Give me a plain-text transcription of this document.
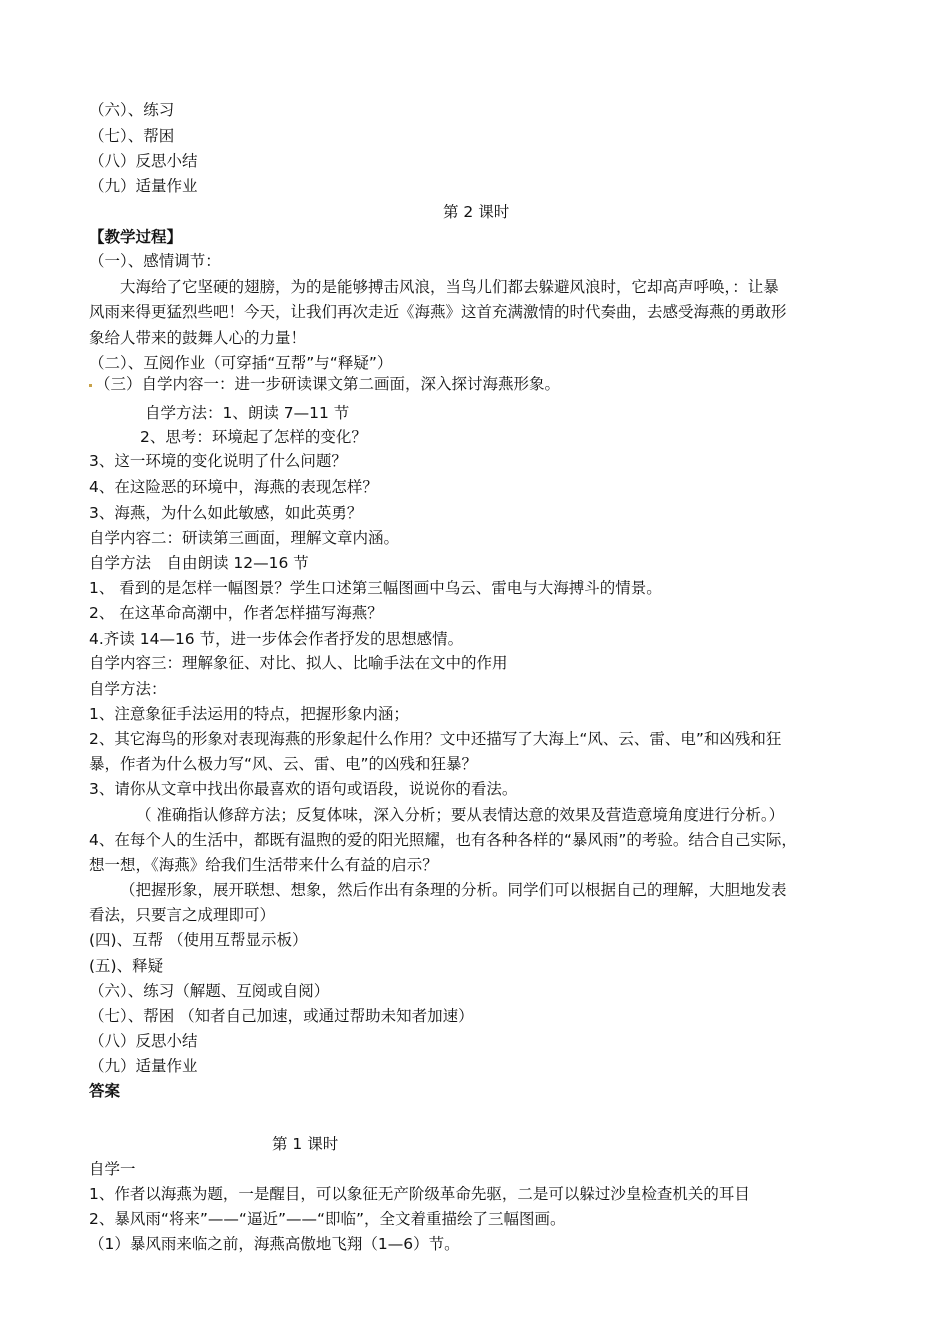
（六）、练习
（七）、帮困
（八）反思小结
（九）适量作业
第 2 课时
【教学过程】
（一）、感情调节：
大海给了它坚硬的翅膀，为的是能够搏击风浪，当鸟儿们都去躲避风浪时，它却高声呼唤，：让暴
风雨来得更猛烈些吧！今天，让我们再次走近《海燕》这首充满激情的时代奏曲，去感受海燕的勇敢形
象给人带来的鼓舞人心的力量！
（二）、互阅作业（可穿插“互帮”与“释疑”）
（三）自学内容一：进一步研读课文第二画面，深入探讨海燕形象。
自学方法：1、朗读 7—11 节
2、思考：环境起了怎样的变化？
3、这一环境的变化说明了什么问题？
4、在这险恶的环境中，海燕的表现怎样？
3、海燕，为什么如此敏感，如此英勇？
自学内容二：研读第三画面，理解文章内涵。
自学方法　自由朗读 12—16 节
1、 看到的是怎样一幅图景？学生口述第三幅图画中乌云、雷电与大海搏斗的情景。
2、 在这革命高潮中，作者怎样描写海燕？
4.齐读 14—16 节，进一步体会作者抒发的思想感情。
自学内容三：理解象征、对比、拟人、比喻手法在文中的作用
自学方法：
1、注意象征手法运用的特点，把握形象内涵；
2、其它海鸟的形象对表现海燕的形象起什么作用？文中还描写了大海上“风、云、雷、电”和凶残和狂
暴，作者为什么极力写“风、云、雷、电”的凶残和狂暴？
3、请你从文章中找出你最喜欢的语句或语段，说说你的看法。
（ 准确指认修辞方法；反复体味，深入分析；要从表情达意的效果及营造意境角度进行分析。）
4、在每个人的生活中，都既有温煦的爱的阳光照耀，也有各种各样的“暴风雨”的考验。结合自己实际，
想一想，《海燕》给我们生活带来什么有益的启示？
（把握形象，展开联想、想象，然后作出有条理的分析。同学们可以根据自己的理解，大胆地发表
看法，只要言之成理即可）
(四)、互帮 （使用互帮显示板）
(五)、释疑
（六）、练习（解题、互阅或自阅）
（七）、帮困 （知者自己加速，或通过帮助未知者加速）
（八）反思小结
（九）适量作业
答案
第 1 课时
自学一
1、作者以海燕为题，一是醒目，可以象征无产阶级革命先驱，二是可以躲过沙皇检查机关的耳目
2、暴风雨“将来”——“逼近”——“即临”，全文着重描绘了三幅图画。
（1）暴风雨来临之前，海燕高傲地飞翔（1—6）节。
